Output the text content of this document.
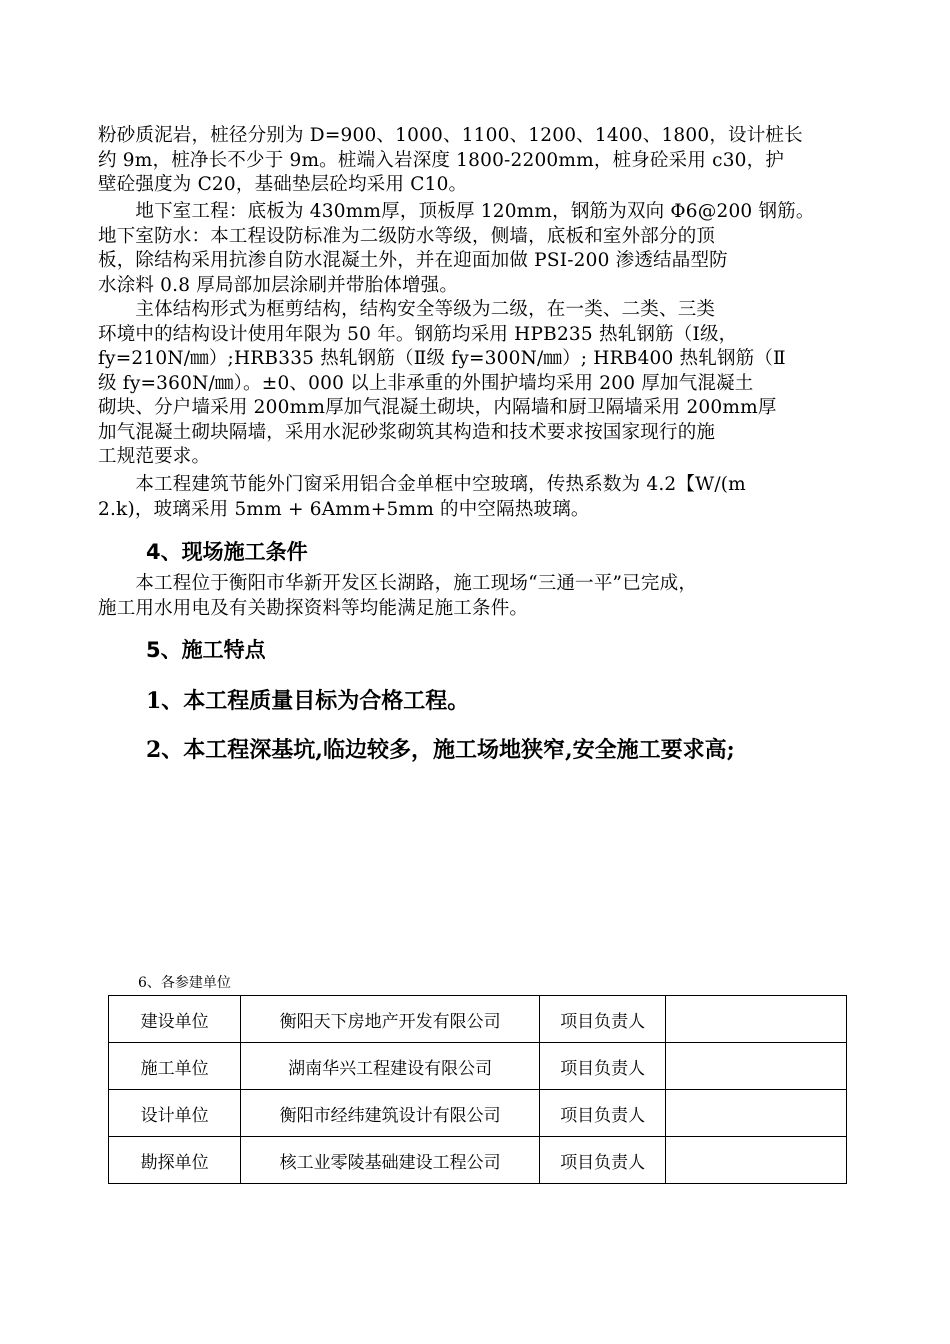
粉砂质泥岩，桩径分别为 D=900、1000、1100、1200、1400、1800，设计桩长
约 9m，桩净长不少于 9m。桩端入岩深度 1800-2200mm，桩身砼采用 c30，护
壁砼强度为 C20，基础垫层砼均采用 C10。
　　地下室工程：底板为 430mm厚，顶板厚 120mm，钢筋为双向 Φ6@200 钢筋。
地下室防水：本工程设防标准为二级防水等级，侧墙，底板和室外部分的顶
板，除结构采用抗渗自防水混凝土外，并在迎面加做 PSI-200 渗透结晶型防
水涂料 0.8 厚局部加层涂刷并带胎体增强。
　　主体结构形式为框剪结构，结构安全等级为二级，在一类、二类、三类
环境中的结构设计使用年限为 50 年。钢筋均采用 HPB235 热轧钢筋（Ⅰ级，
fy=210N/㎜）;HRB335 热轧钢筋（Ⅱ级 fy=300N/㎜）; HRB400 热轧钢筋（Ⅱ
级 fy=360N/㎜）。±0、000 以上非承重的外围护墙均采用 200 厚加气混凝土
砌块、分户墙采用 200mm厚加气混凝土砌块，内隔墙和厨卫隔墙采用 200mm厚
加气混凝土砌块隔墙，采用水泥砂浆砌筑其构造和技术要求按国家现行的施
工规范要求。
　　本工程建筑节能外门窗采用铝合金单框中空玻璃，传热系数为 4.2【W/(m
2.k)，玻璃采用 5mm + 6Amm+5mm 的中空隔热玻璃。
4、现场施工条件
　　本工程位于衡阳市华新开发区长湖路，施工现场“三通一平”已完成，
施工用水用电及有关勘探资料等均能满足施工条件。
5、施工特点
1、本工程质量目标为合格工程。
2、本工程深基坑,临边较多，施工场地狭窄,安全施工要求高;
6、各参建单位
建设单位	衡阳天下房地产开发有限公司	项目负责人	
施工单位	湖南华兴工程建设有限公司	项目负责人	
设计单位	衡阳市经纬建筑设计有限公司	项目负责人	
勘探单位	核工业零陵基础建设工程公司	项目负责人	
